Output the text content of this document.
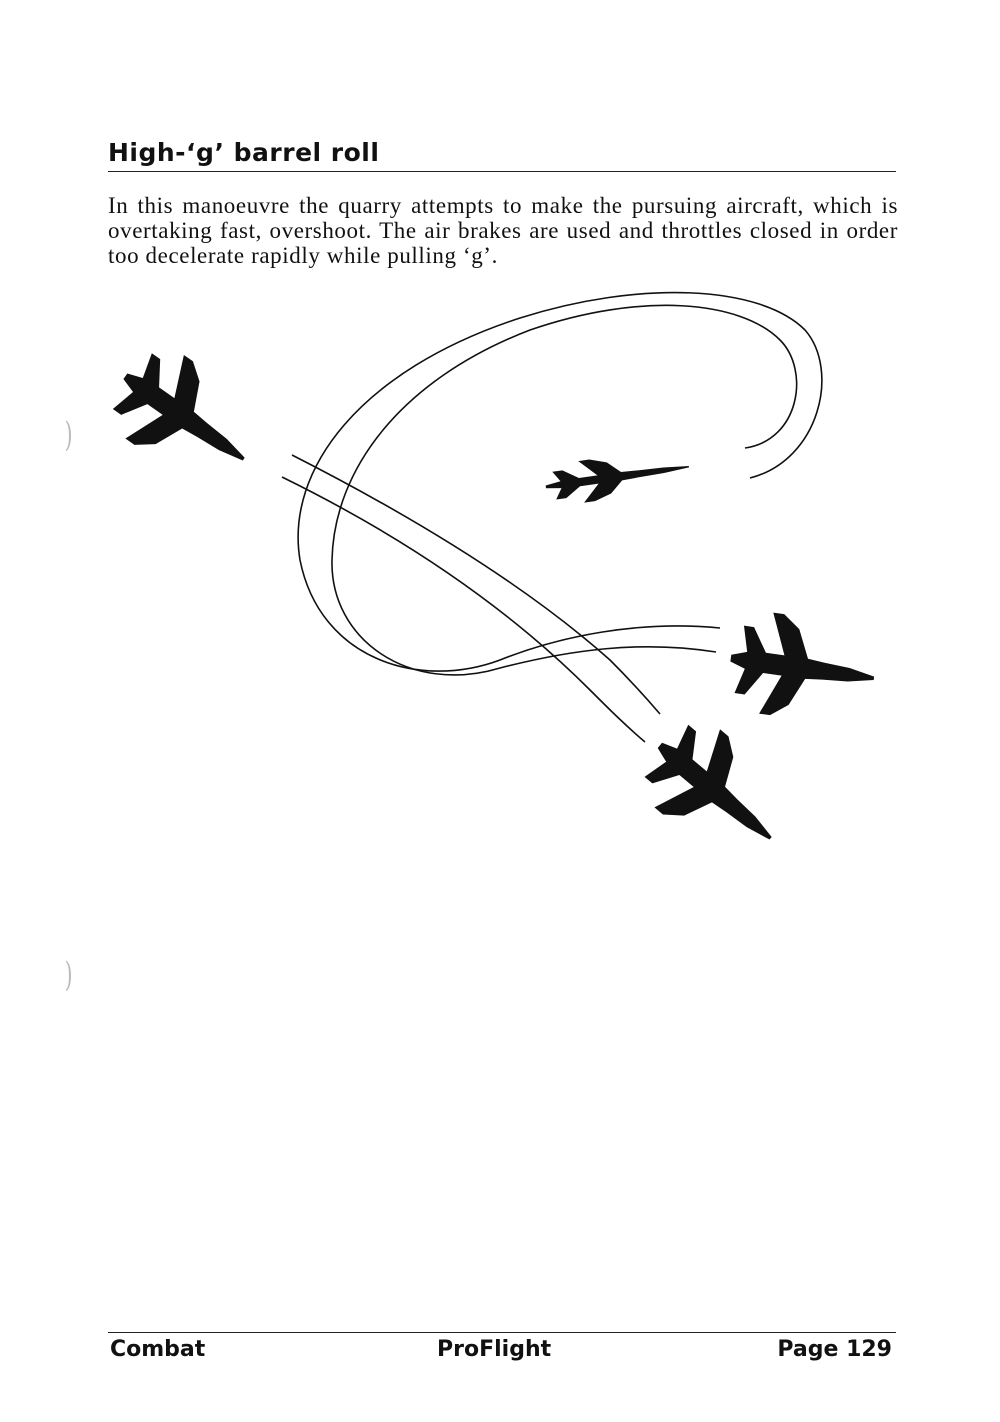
High-‘g’ barrel roll
In this manoeuvre the quarry attempts to make the pursuing aircraft, which is overtaking fast, overshoot. The air brakes are used and throttles closed in order too decelerate rapidly while pulling ‘g’.
)
)
Combat	ProFlight	Page 129
